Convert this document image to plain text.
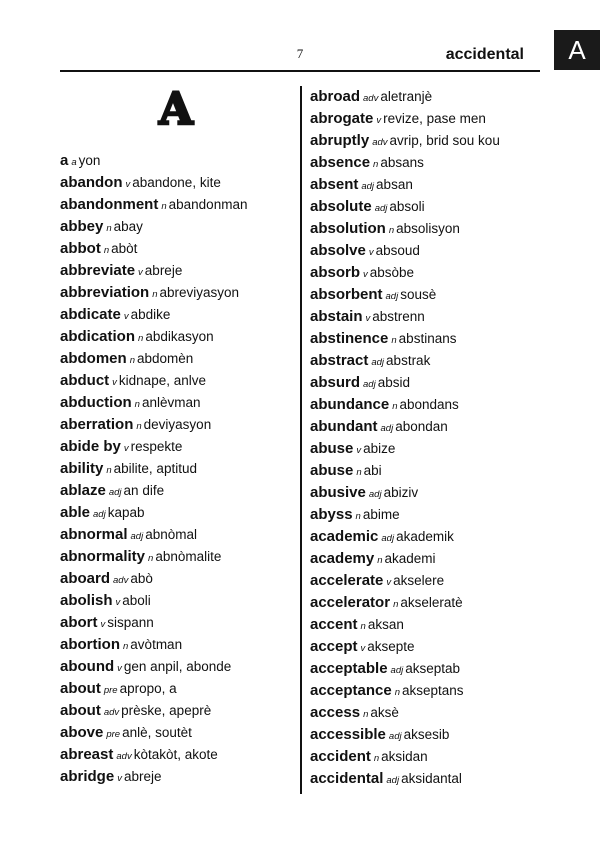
7	accidental	A
A
aa yon
abandon v abandone, kite
abandonment n abandonman
abbey n abay
abbot n abòt
abbreviate v abreje
abbreviation n abreviyasyon
abdicate v abdike
abdication n abdikasyon
abdomen n abdomèn
abduct v kidnape, anlve
abduction n anlèvman
aberration n deviyasyon
abide by v respekte
ability n abilite, aptitud
ablaze adj an dife
able adj kapab
abnormal adj abnòmal
abnormality n abnòmalite
aboard adv abò
abolish v aboli
abort v sispann
abortion n avòtman
abound v gen anpil, abonde
about pre apropo, a
about adv prèske, apeprè
above pre anlè, soutèt
abreast adv kòtakòt, akote
abridge v abreje
abroad adv aletranjè
abrogate v revize, pase men
abruptly adv avrip, brid sou kou
absence n absans
absent adj absan
absolute adj absoli
absolution n absolisyon
absolve v absoud
absorb v absòbe
absorbent adj sousè
abstain v abstrenn
abstinence n abstinans
abstract adj abstrak
absurd adj absid
abundance n abondans
abundant adj abondan
abuse v abize
abuse n abi
abusive adj abiziv
abyss n abime
academic adj akademik
academy n akademi
accelerate v akselere
accelerator n akseleratè
accent n aksan
accept v aksepte
acceptable adj akseptab
acceptance n akseptans
access n aksè
accessible adj aksesib
accident n aksidan
accidental adj aksidantal
